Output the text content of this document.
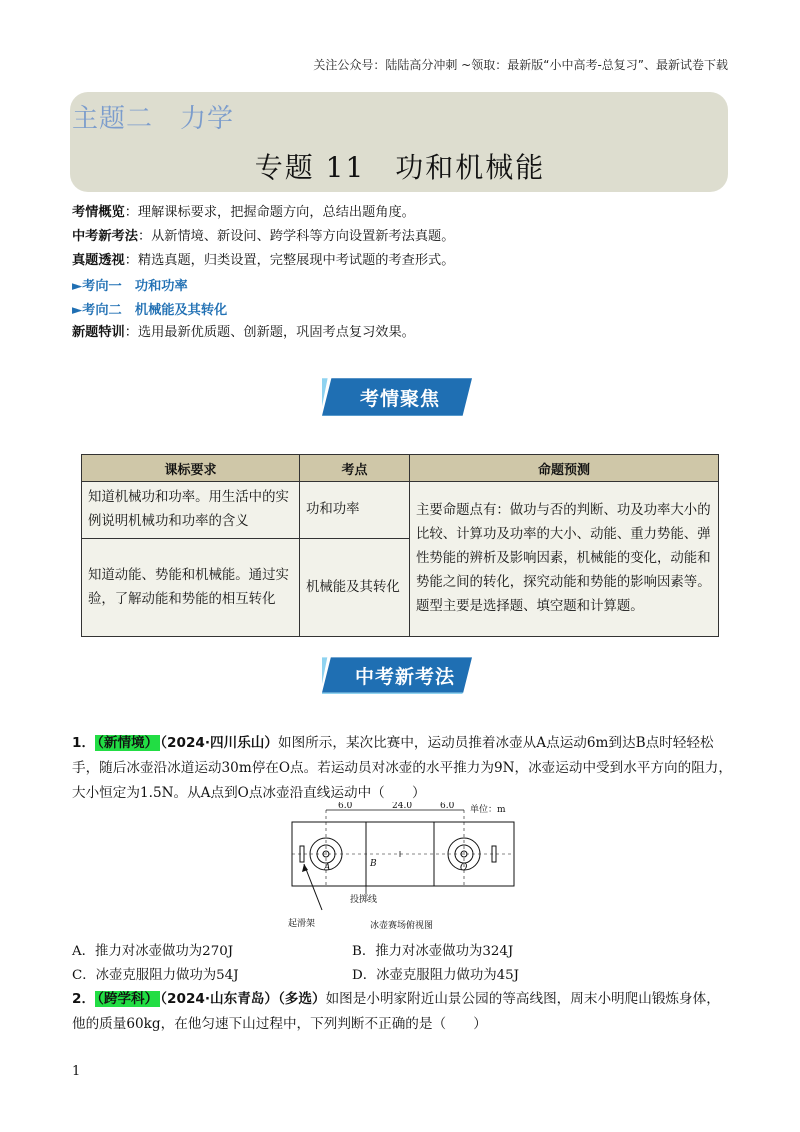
关注公众号：陆陆高分冲刺 ~领取：最新版“小中高考-总复习”、最新试卷下载
主题二　力学
专题 11　功和机械能
考情概览：理解课标要求，把握命题方向，总结出题角度。
中考新考法：从新情境、新设问、跨学科等方向设置新考法真题。
真题透视：精选真题，归类设置，完整展现中考试题的考查形式。
►考向一　功和功率
►考向二　机械能及其转化
新题特训：选用最新优质题、创新题，巩固考点复习效果。
考情聚焦
课标要求	考点	命题预测
知道机械功和功率。用生活中的实例说明机械功和功率的含义	功和功率	主要命题点有：做功与否的判断、功及功率大小的比较、计算功及功率的大小、动能、重力势能、弹性势能的辨析及影响因素，机械能的变化，动能和势能之间的转化，探究动能和势能的影响因素等。
题型主要是选择题、填空题和计算题。

知道动能、势能和机械能。通过实验，了解动能和势能的相互转化	机械能及其转化	
中考新考法
1． （新情境） （2024·四川乐山）如图所示，某次比赛中，运动员推着冰壶从A点运动6m到达B点时轻轻松手，随后冰壶沿冰道运动30m停在O点。若运动员对冰壶的水平推力为9N，冰壶运动中受到水平方向的阻力，大小恒定为1.5N。从A点到O点冰壶沿直线运动中（　　）
6.0	24.0	6.0 单位：m
A	B	O
起滑架
投掷线
冰壶赛场俯视图
A．推力对冰壶做功为270J	B．推力对冰壶做功为324J
C．冰壶克服阻力做功为54J	D．冰壶克服阻力做功为45J
2． （跨学科） （2024·山东青岛）（多选）如图是小明家附近山景公园的等高线图，周末小明爬山锻炼身体，他的质量60kg，在他匀速下山过程中，下列判断不正确的是（　　）
1
